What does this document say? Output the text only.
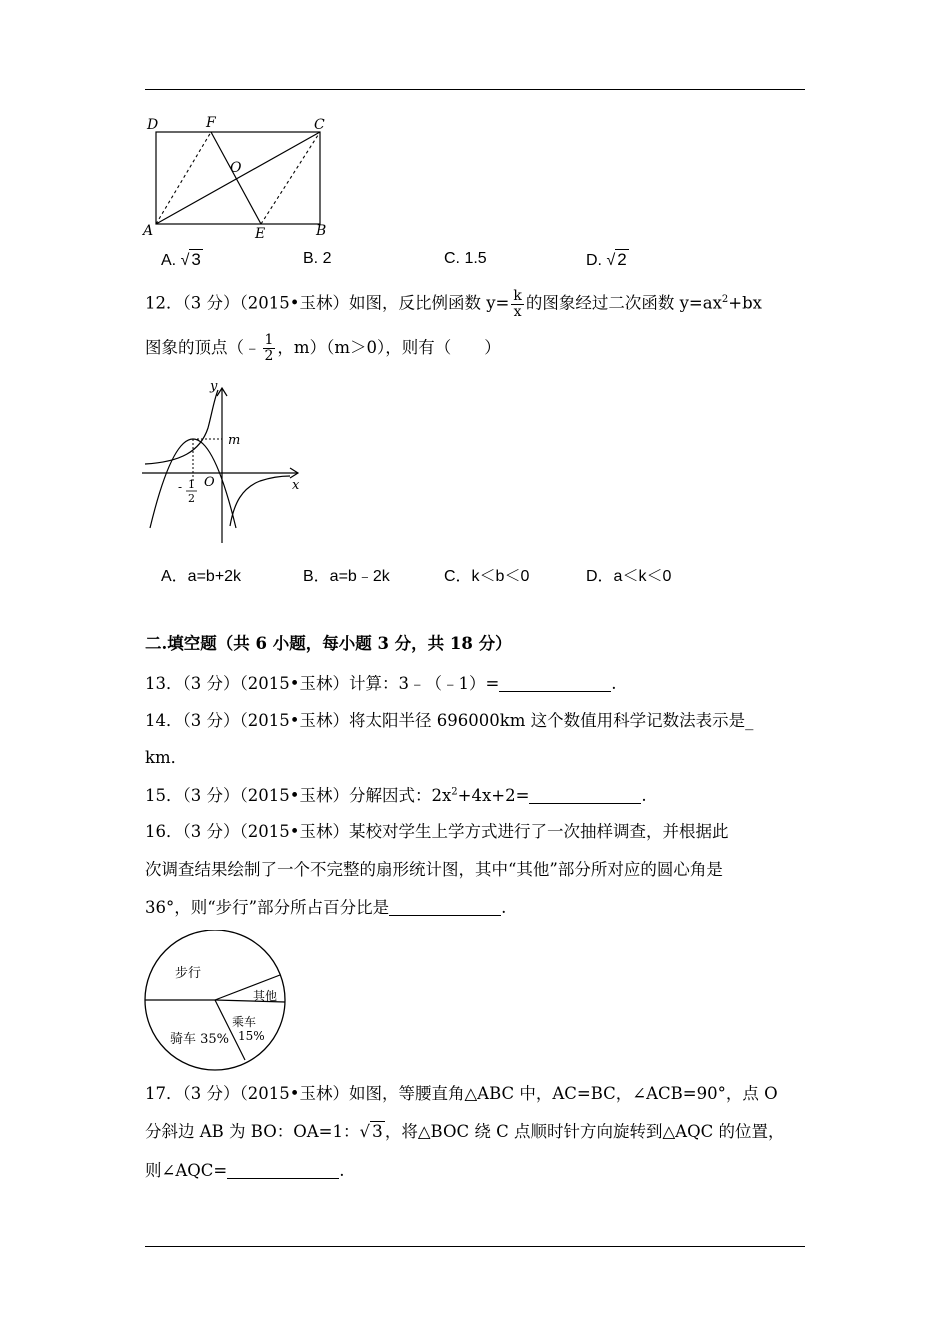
D	F	C
O
A	E	B
A. √ 3	B. 2	C. 1.5	D. √ 2
12．（3 分）（2015•玉林）如图，反比例函数 $y= \frac{k}{x}$ 的图象经过二次函数 $y=ax^2+bx$
图象的顶点（﹣ $\frac{1}{2}$ ，m）（m＞0），则有（　　）
y
m
x
O
- 1
2
A．a=b+2k	B．a=b﹣2k	C．k＜b＜0	D．a＜k＜0
二.填空题（共 6 小题，每小题 3 分，共 18 分）
13．（3 分）（2015•玉林）计算：3﹣（﹣1）=	.
14．（3 分）（2015•玉林）将太阳半径 696000km 这个数值用科学记数法表示是_
km．
15．（3 分）（2015•玉林）分解因式：$2x^2+4x+2=$	.
16．（3 分）（2015•玉林）某校对学生上学方式进行了一次抽样调查，并根据此
次调查结果绘制了一个不完整的扇形统计图，其中“其他”部分所对应的圆心角是
36°，则“步行”部分所占百分比是	.
步行
其他
乘车
15%
骑车 35%
17．（3 分）（2015•玉林）如图，等腰直角△ABC 中，AC=BC，∠ACB=90°，点 O
分斜边 AB 为 BO：OA=1：√ 3 ，将△BOC 绕 C 点顺时针方向旋转到△AQC 的位置，
则∠AQC=	.
